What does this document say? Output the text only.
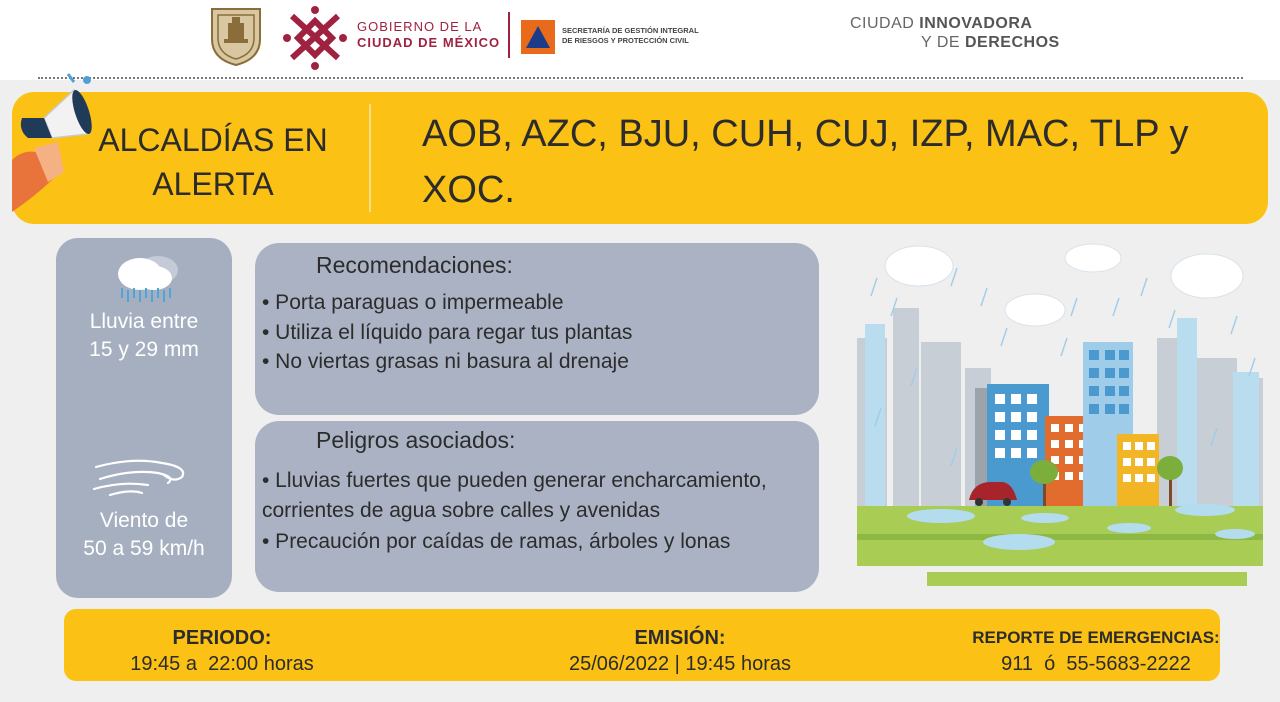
GOBIERNO DE LA
CIUDAD DE MÉXICO
SECRETARÍA DE GESTIÓN INTEGRAL
DE RIESGOS Y PROTECCIÓN CIVIL
CIUDAD INNOVADORA
Y DE DERECHOS
ALCALDÍAS EN
ALERTA
AOB, AZC, BJU, CUH, CUJ, IZP, MAC, TLP y XOC.
Lluvia entre
15 y 29 mm
Viento de
50 a 59 km/h
Recomendaciones:
• Porta paraguas o impermeable
• Utiliza el líquido para regar tus plantas
• No viertas grasas ni basura al drenaje
Peligros asociados:
• Lluvias fuertes que pueden generar encharcamiento, corrientes de agua sobre calles y avenidas
• Precaución por caídas de ramas, árboles y lonas
PERIODO:
19:45 a  22:00 horas
EMISIÓN:
25/06/2022 | 19:45 horas
REPORTE DE EMERGENCIAS:
911  ó  55-5683-2222
